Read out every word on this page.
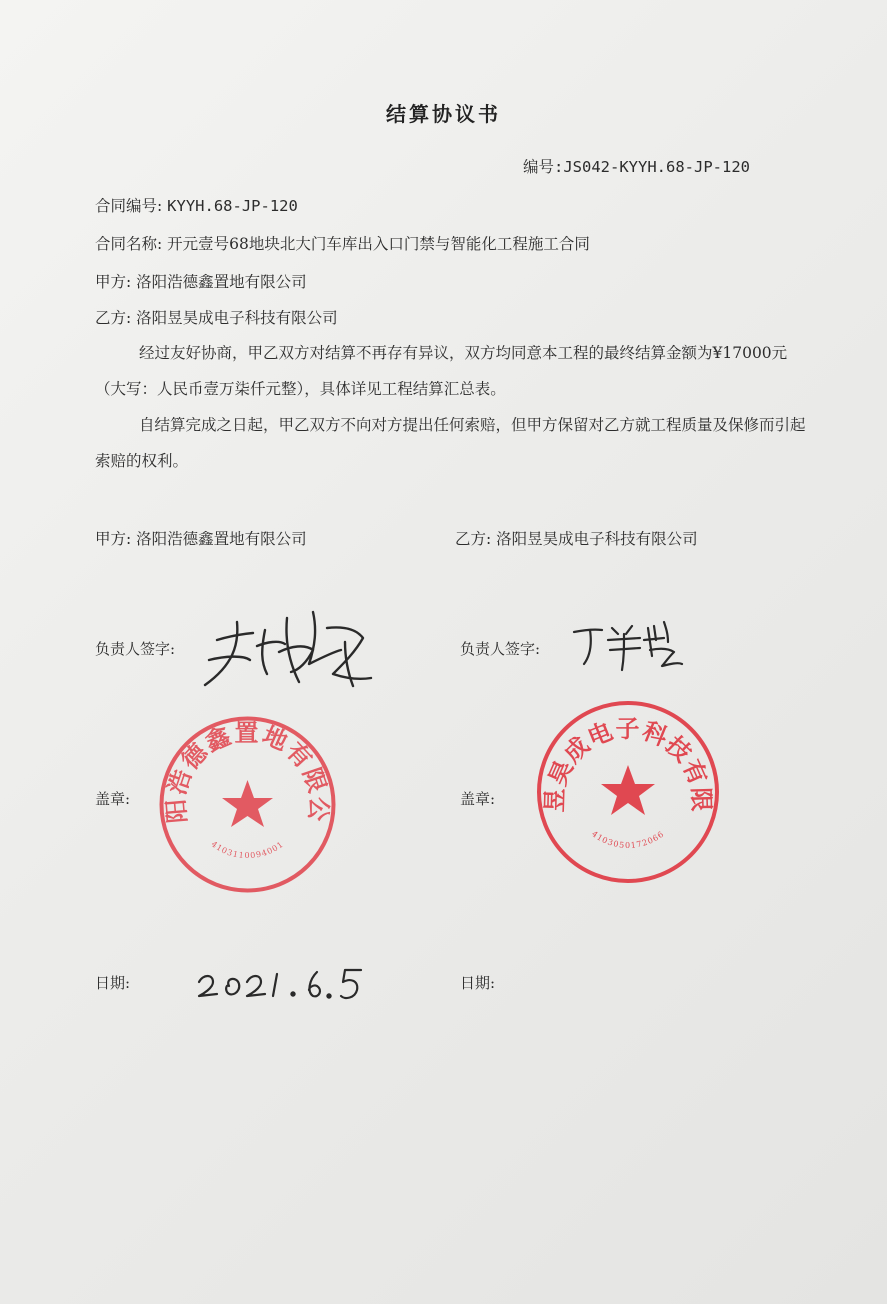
结算协议书
编号:JS042-KYYH.68-JP-120
合同编号: KYYH.68-JP-120
合同名称: 开元壹号68地块北大门车库出入口门禁与智能化工程施工合同
甲方: 洛阳浩德鑫置地有限公司
乙方: 洛阳昱昊成电子科技有限公司
经过友好协商，甲乙双方对结算不再存有异议，双方均同意本工程的最终结算金额为¥17000元（大写：人民币壹万柒仟元整），具体详见工程结算汇总表。
自结算完成之日起，甲乙双方不向对方提出任何索赔，但甲方保留对乙方就工程质量及保修而引起索赔的权利。
甲方: 洛阳浩德鑫置地有限公司	乙方: 洛阳昱昊成电子科技有限公司
负责人签字:	负责人签字:
盖章:	盖章:
阳浩德鑫置地有限公
4103110094001
昱昊成电子科技有限
4103050172066
日期:	日期:
